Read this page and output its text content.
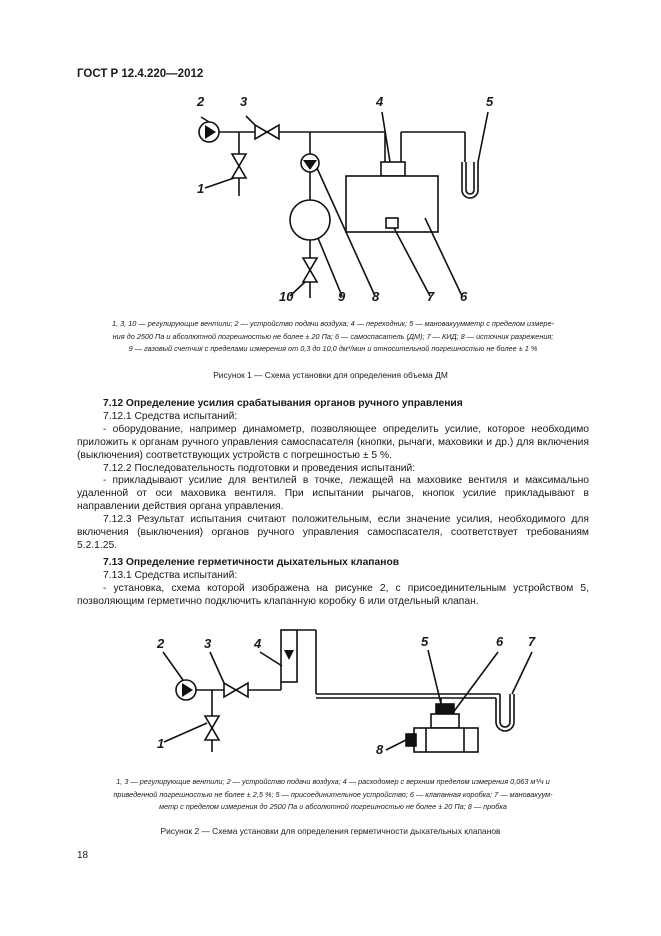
ГОСТ Р 12.4.220—2012
2	3	4	5
1
10	9 8	7 6
1, 3, 10 — регулирующие вентили; 2 — устройство подачи воздуха; 4 — переходник; 5 — мановакуумметр с пределом измере-
ния до 2500 Па и абсолютной погрешностью не более ± 20 Па; 6 — самоспасатель (ДМ); 7 — КИД; 8 — источник разрежения;
9 — газовый счетчик с пределами измерения от 0,3 до 10,0 дм³/мин и относительной погрешностью не более ± 1 %
Рисунок 1 — Схема установки для определения объема ДМ
7.12 Определение усилия срабатывания органов ручного управления

7.12.1 Средства испытаний:

- оборудование, например динамометр, позволяющее определить усилие, которое необходимо приложить к органам ручного управления самоспасателя (кнопки, рычаги, маховики и др.) для включения (выключения) соответствующих устройств с погрешностью ± 5 %.

7.12.2 Последовательность подготовки и проведения испытаний:

- прикладывают усилие для вентилей в точке, лежащей на маховике вентиля и максимально удаленной от оси маховика вентиля. При испытании рычагов, кнопок усилие прикладывают в направлении действия органа управления.

7.12.3 Результат испытания считают положительным, если значение усилия, необходимого для включения (выключения) органов ручного управления самоспасателя, соответствует требованиям 5.2.1.25.

7.13 Определение герметичности дыхательных клапанов

7.13.1 Средства испытаний:

- установка, схема которой изображена на рисунке 2, с присоединительным устройством 5, позволяющим герметично подключить клапанную коробку 6 или отдельный клапан.

2	3	4	5	6 7
1	8
1, 3 — регулирующие вентили; 2 — устройство подачи воздуха; 4 — расходомер с верхним пределом измерения 0,063 м³/ч и
приведенной погрешностью не более ± 2,5 %; 5 — присоединительное устройство; 6 — клапанная коробка; 7 — мановакуум-
метр с пределом измерения до 2500 Па и абсолютной погрешностью не более ± 20 Па; 8 — пробка
Рисунок 2 — Схема установки для определения герметичности дыхательных клапанов
18
